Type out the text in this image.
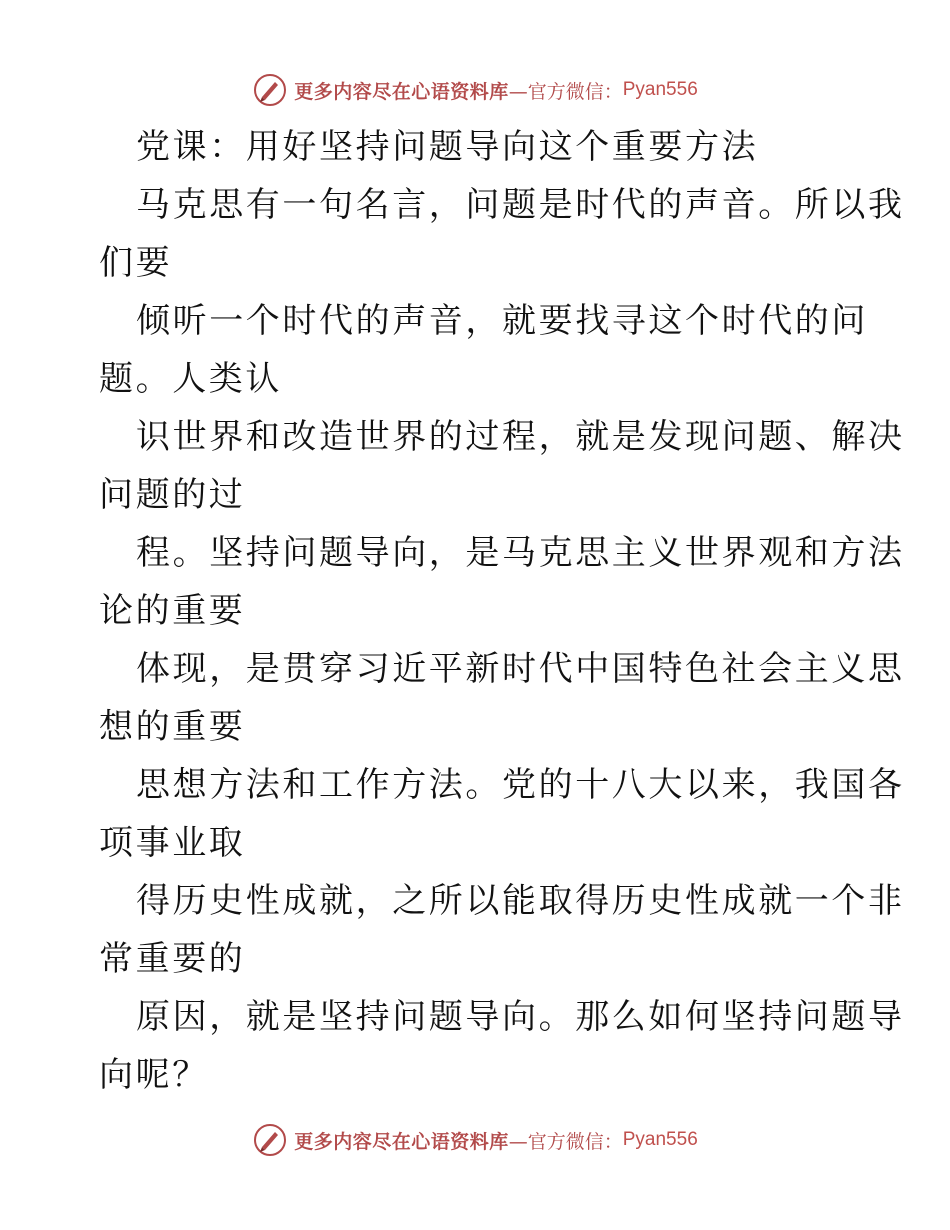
更多内容尽在心语资料库 —官方微信： Pyan556
党课：用好坚持问题导向这个重要方法
马克思有一句名言，问题是时代的声音。所以我
们要
倾听一个时代的声音，就要找寻这个时代的问
题。人类认
识世界和改造世界的过程，就是发现问题、解决
问题的过
程。坚持问题导向，是马克思主义世界观和方法
论的重要
体现，是贯穿习近平新时代中国特色社会主义思
想的重要
思想方法和工作方法。党的十八大以来，我国各
项事业取
得历史性成就，之所以能取得历史性成就一个非
常重要的
原因，就是坚持问题导向。那么如何坚持问题导
向呢？
更多内容尽在心语资料库 —官方微信： Pyan556
